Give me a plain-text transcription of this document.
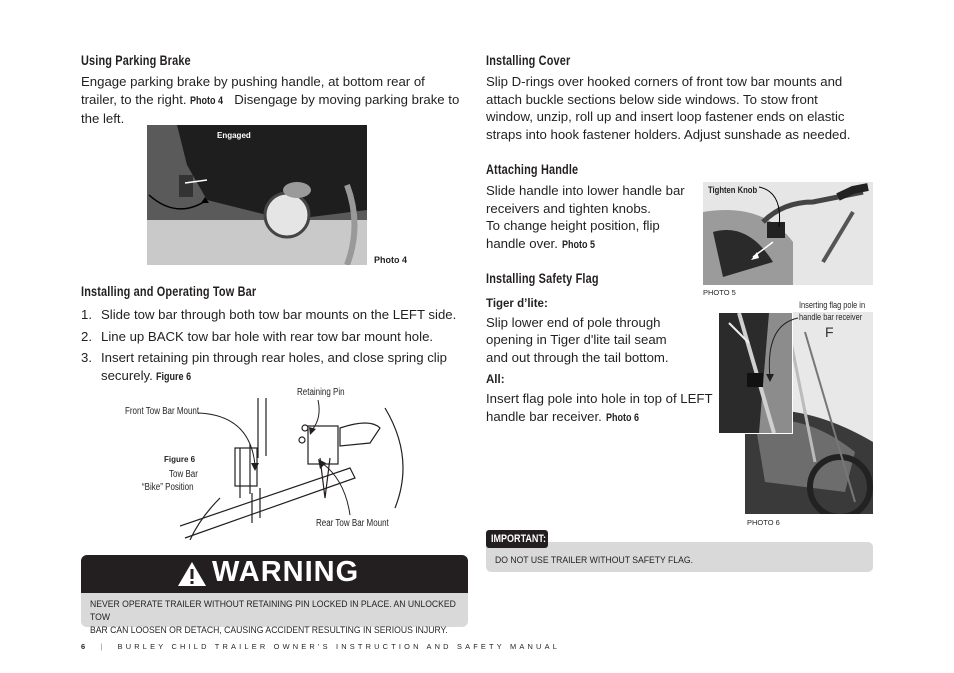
Using Parking Brake
Engage parking brake by pushing handle, at bottom rear of
trailer, to the right. Photo 4 Disengage by moving parking brake to
the left.
Engaged
Photo 4
Installing and Operating Tow Bar
1. Slide tow bar through both tow bar mounts on the LEFT side.
2. Line up BACK tow bar hole with rear tow bar mount hole.
3. Insert retaining pin through rear holes, and close spring clip
securely. Figure 6
Front Tow Bar Mount
Retaining Pin
Figure 6
Tow Bar
“Bike” Position
Rear Tow Bar Mount
WARNING
NEVER OPERATE TRAILER WITHOUT RETAINING PIN LOCKED IN PLACE. AN UNLOCKED TOW
BAR CAN LOOSEN OR DETACH, CAUSING ACCIDENT RESULTING IN SERIOUS INJURY.
6 | BURLEY CHILD TRAILER OWNER'S INSTRUCTION AND SAFETY MANUAL
Installing Cover
Slip D-rings over hooked corners of front tow bar mounts and
attach buckle sections below side windows. To stow front
window, unzip, roll up and insert loop fastener ends on elastic
straps into hook fastener holders. Adjust sunshade as needed.
Attaching Handle
Slide handle into lower handle bar
receivers and tighten knobs.
To change height position, flip
handle over. Photo 5
Tighten Knob
PHOTO 5
Installing Safety Flag
Tiger d’lite:
Slip lower end of pole through
opening in Tiger d'lite tail seam
and out through the tail bottom.
All:
Insert flag pole into hole in top of LEFT
handle bar receiver. Photo 6
F
Inserting flag pole in
handle bar receiver
PHOTO 6
DO NOT USE TRAILER WITHOUT SAFETY FLAG.
IMPORTANT:
